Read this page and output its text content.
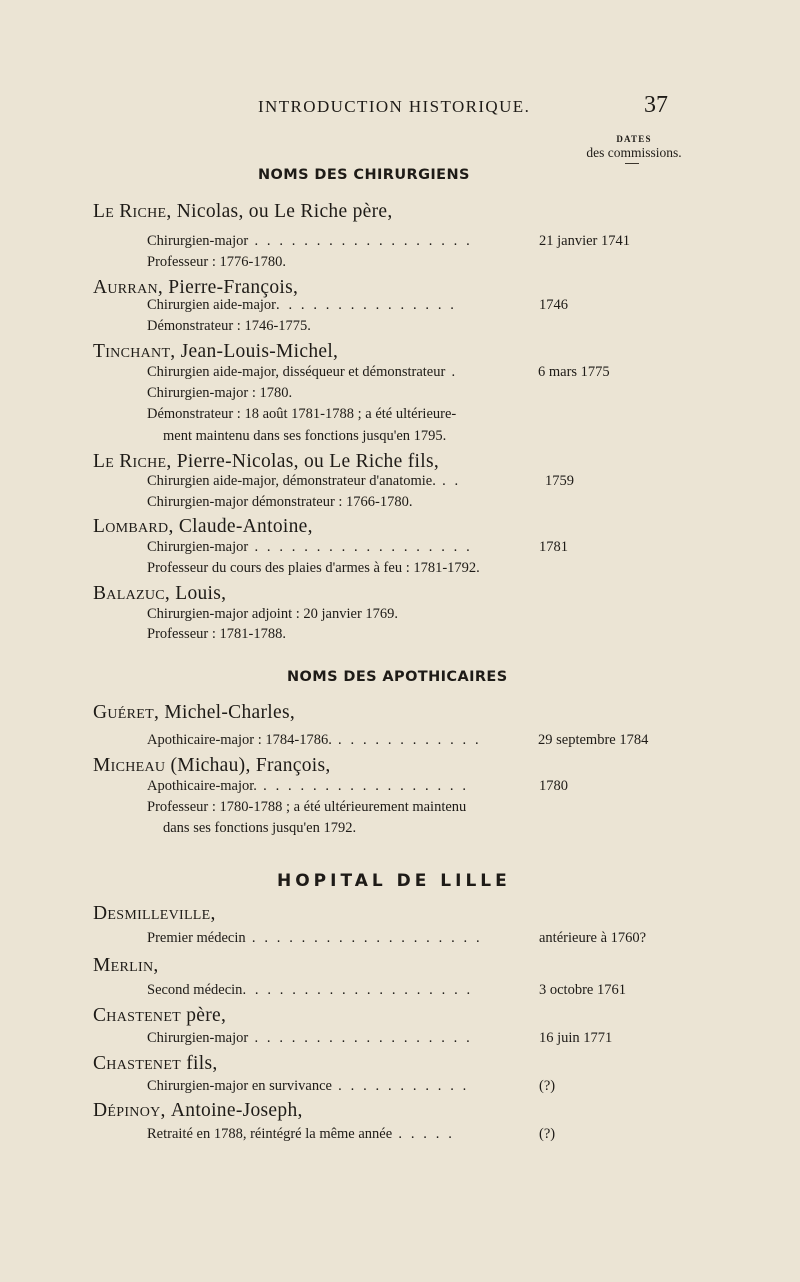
INTRODUCTION HISTORIQUE.	37
DATES
des commissions.
NOMS DES CHIRURGIENS
Le Riche, Nicolas, ou Le Riche père,
Chirurgien-major . . . . . . . . . . . . . . . . . .	21 janvier 1741
Professeur : 1776-1780.
Aurran, Pierre-François,
Chirurgien aide-major. . . . . . . . . . . . . . .	1746
Démonstrateur : 1746-1775.
Tinchant, Jean-Louis-Michel,
Chirurgien aide-major, disséqueur et démonstrateur .	6 mars 1775
Chirurgien-major : 1780.
Démonstrateur : 18 août 1781-1788 ; a été ultérieure-
ment maintenu dans ses fonctions jusqu'en 1795.
Le Riche, Pierre-Nicolas, ou Le Riche fils,
Chirurgien aide-major, démonstrateur d'anatomie. . .	1759
Chirurgien-major démonstrateur : 1766-1780.
Lombard, Claude-Antoine,
Chirurgien-major . . . . . . . . . . . . . . . . . .	1781
Professeur du cours des plaies d'armes à feu : 1781-1792.
Balazuc, Louis,
Chirurgien-major adjoint : 20 janvier 1769.
Professeur : 1781-1788.
NOMS DES APOTHICAIRES
Guéret, Michel-Charles,
Apothicaire-major : 1784-1786. . . . . . . . . . . . .	29 septembre 1784
Micheau (Michau), François,
Apothicaire-major. . . . . . . . . . . . . . . . . .	1780
Professeur : 1780-1788 ; a été ultérieurement maintenu
dans ses fonctions jusqu'en 1792.
HOPITAL DE LILLE
Desmilleville,
Premier médecin . . . . . . . . . . . . . . . . . . .	antérieure à 1760?
Merlin,
Second médecin. . . . . . . . . . . . . . . . . . .	3 octobre 1761
Chastenet père,
Chirurgien-major . . . . . . . . . . . . . . . . . .	16 juin 1771
Chastenet fils,
Chirurgien-major en survivance . . . . . . . . . . .	(?)
Dépinoy, Antoine-Joseph,
Retraité en 1788, réintégré la même année . . . . .	(?)
